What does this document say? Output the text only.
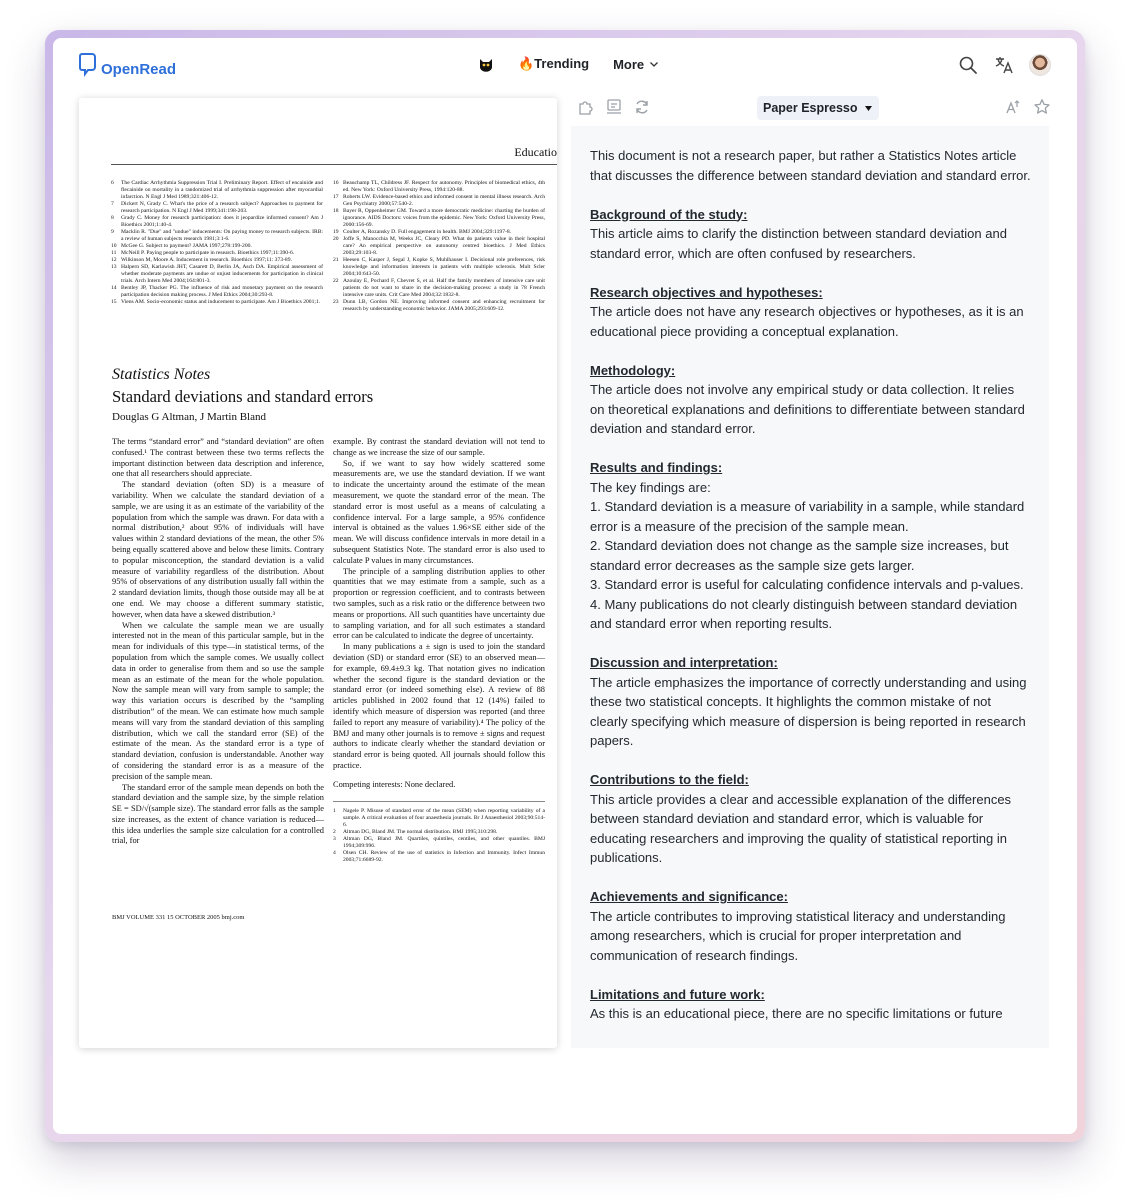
OpenRead	🔥Trending More
Educatio
6	The Cardiac Arrhythmia Suppression Trial I. Preliminary Report. Effect of encainide and flecainide on mortality in a randomized trial of arrhythmia suppression after myocardial infarction. N Engl J Med 1989;321:406-12.
7	Dickert N, Grady C. What's the price of a research subject? Approaches to payment for research participation. N Engl J Med 1999;341:198-203.
8	Grady C. Money for research participation: does it jeopardize informed consent? Am J Bioethics 2001;1:40-4.
9	Macklin R. "Due" and "undue" inducements: On paying money to research subjects. IRB: a review of human subjects research 1981;3:1-6.
10 McGee G. Subject to payment? JAMA 1997;278:199-200.
11 McNeill P. Paying people to participate in research. Bioethics 1997;11:390-6.
12 Wilkinson M, Moore A. Inducement in research. Bioethics 1997;11: 373-89.
13 Halpern SD, Karlawish JHT, Casarett D, Berlin JA, Asch DA. Empirical assessment of whether moderate payments are undue or unjust inducements for participation in clinical trials. Arch Intern Med 2004;164:801-3.
14 Bentley JP, Thacker PG. The influence of risk and monetary payment on the research participation decision making process. J Med Ethics 2004;30:293-8.
15 Viens AM. Socio-economic status and inducement to participate. Am J Bioethics 2001;1.
16 Beauchamp TL, Childress JF. Respect for autonomy. Principles of biomedical ethics, 4th ed. New York: Oxford University Press, 1994:120-88.
17 Roberts LW. Evidence-based ethics and informed consent in mental illness research. Arch Gen Psychiatry 2000;57:540-2.
18 Bayer R, Oppenheimer GM. Toward a more democratic medicine: charting the burden of ignorance. AIDS Doctors: voices from the epidemic. New York: Oxford University Press, 2000:156-69.
19 Coulter A, Rozansky D. Full engagement in health. BMJ 2004;329:1197-8.
20 Joffe S, Manocchia M, Weeks JC, Cleary PD. What do patients value in their hospital care? An empirical perspective on autonomy centred bioethics. J Med Ethics 2003;29:103-8.
21 Heesen C, Kasper J, Segal J, Kopke S, Muhlhauser I. Decisional role preferences, risk knowledge and information interests in patients with multiple sclerosis. Mult Scler 2004;10:643-50.
22 Azoulay E, Pochard F, Chevret S, et al. Half the family members of intensive care unit patients do not want to share in the decision-making process: a study in 78 French intensive care units. Crit Care Med 2004;32:1832-8.
23 Dunn LB, Gordon NE. Improving informed consent and enhancing recruitment for research by understanding economic behavior. JAMA 2005;293:609-12.
Statistics Notes
Standard deviations and standard errors
Douglas G Altman, J Martin Bland

The terms “standard error” and “standard deviation” are often confused.¹ The contrast between these two terms reflects the important distinction between data description and inference, one that all researchers should appreciate.

The standard deviation (often SD) is a measure of variability. When we calculate the standard deviation of a sample, we are using it as an estimate of the variability of the population from which the sample was drawn. For data with a normal distribution,² about 95% of individuals will have values within 2 standard deviations of the mean, the other 5% being equally scattered above and below these limits. Contrary to popular misconception, the standard deviation is a valid measure of variability regardless of the distribution. About 95% of observations of any distribution usually fall within the 2 standard deviation limits, though those outside may all be at one end. We may choose a different summary statistic, however, when data have a skewed distribution.³

When we calculate the sample mean we are usually interested not in the mean of this particular sample, but in the mean for individuals of this type—in statistical terms, of the population from which the sample comes. We usually collect data in order to generalise from them and so use the sample mean as an estimate of the mean for the whole population. Now the sample mean will vary from sample to sample; the way this variation occurs is described by the “sampling distribution” of the mean. We can estimate how much sample means will vary from the standard deviation of this sampling distribution, which we call the standard error (SE) of the estimate of the mean. As the standard error is a type of standard deviation, confusion is understandable. Another way of considering the standard error is as a measure of the precision of the sample mean.

The standard error of the sample mean depends on both the standard deviation and the sample size, by the simple relation SE = SD/√(sample size). The standard error falls as the sample size increases, as the extent of chance variation is reduced—this idea underlies the sample size calculation for a controlled trial, for

example. By contrast the standard deviation will not tend to change as we increase the size of our sample.

So, if we want to say how widely scattered some measurements are, we use the standard deviation. If we want to indicate the uncertainty around the estimate of the mean measurement, we quote the standard error of the mean. The standard error is most useful as a means of calculating a confidence interval. For a large sample, a 95% confidence interval is obtained as the values 1.96×SE either side of the mean. We will discuss confidence intervals in more detail in a subsequent Statistics Note. The standard error is also used to calculate P values in many circumstances.

The principle of a sampling distribution applies to other quantities that we may estimate from a sample, such as a proportion or regression coefficient, and to contrasts between two samples, such as a risk ratio or the difference between two means or proportions. All such quantities have uncertainty due to sampling variation, and for all such estimates a standard error can be calculated to indicate the degree of uncertainty.

In many publications a ± sign is used to join the standard deviation (SD) or standard error (SE) to an observed mean—for example, 69.4±9.3 kg. That notation gives no indication whether the second figure is the standard deviation or the standard error (or indeed something else). A review of 88 articles published in 2002 found that 12 (14%) failed to identify which measure of dispersion was reported (and three failed to report any measure of variability).⁴ The policy of the BMJ and many other journals is to remove ± signs and request authors to indicate clearly whether the standard deviation or standard error is being quoted. All journals should follow this practice.

Competing interests: None declared.
1	Nagele P. Misuse of standard error of the mean (SEM) when reporting variability of a sample. A critical evaluation of four anaesthesia journals. Br J Anaesthesiol 2003;90:514-6.
2	Altman DG, Bland JM. The normal distribution. BMJ 1995;310:298.
3	Altman DG, Bland JM. Quartiles, quintiles, centiles, and other quantiles. BMJ 1994;309:996.
4	Olsen CH. Review of the use of statistics in Infection and Immunity. Infect Immun 2003;71:6689-92.
BMJ VOLUME 331 15 OCTOBER 2005 bmj.com
Paper Espresso
This document is not a research paper, but rather a Statistics Notes article that discusses the difference between standard deviation and standard error.
Background of the study:
This article aims to clarify the distinction between standard deviation and standard error, which are often confused by researchers.
Research objectives and hypotheses:
The article does not have any research objectives or hypotheses, as it is an educational piece providing a conceptual explanation.
Methodology:
The article does not involve any empirical study or data collection. It relies on theoretical explanations and definitions to differentiate between standard deviation and standard error.
Results and findings:
The key findings are:
1. Standard deviation is a measure of variability in a sample, while standard error is a measure of the precision of the sample mean.
2. Standard deviation does not change as the sample size increases, but standard error decreases as the sample size gets larger.
3. Standard error is useful for calculating confidence intervals and p-values.
4. Many publications do not clearly distinguish between standard deviation and standard error when reporting results.
Discussion and interpretation:
The article emphasizes the importance of correctly understanding and using these two statistical concepts. It highlights the common mistake of not clearly specifying which measure of dispersion is being reported in research papers.
Contributions to the field:
This article provides a clear and accessible explanation of the differences between standard deviation and standard error, which is valuable for educating researchers and improving the quality of statistical reporting in publications.
Achievements and significance:
The article contributes to improving statistical literacy and understanding among researchers, which is crucial for proper interpretation and communication of research findings.
Limitations and future work:
As this is an educational piece, there are no specific limitations or future
